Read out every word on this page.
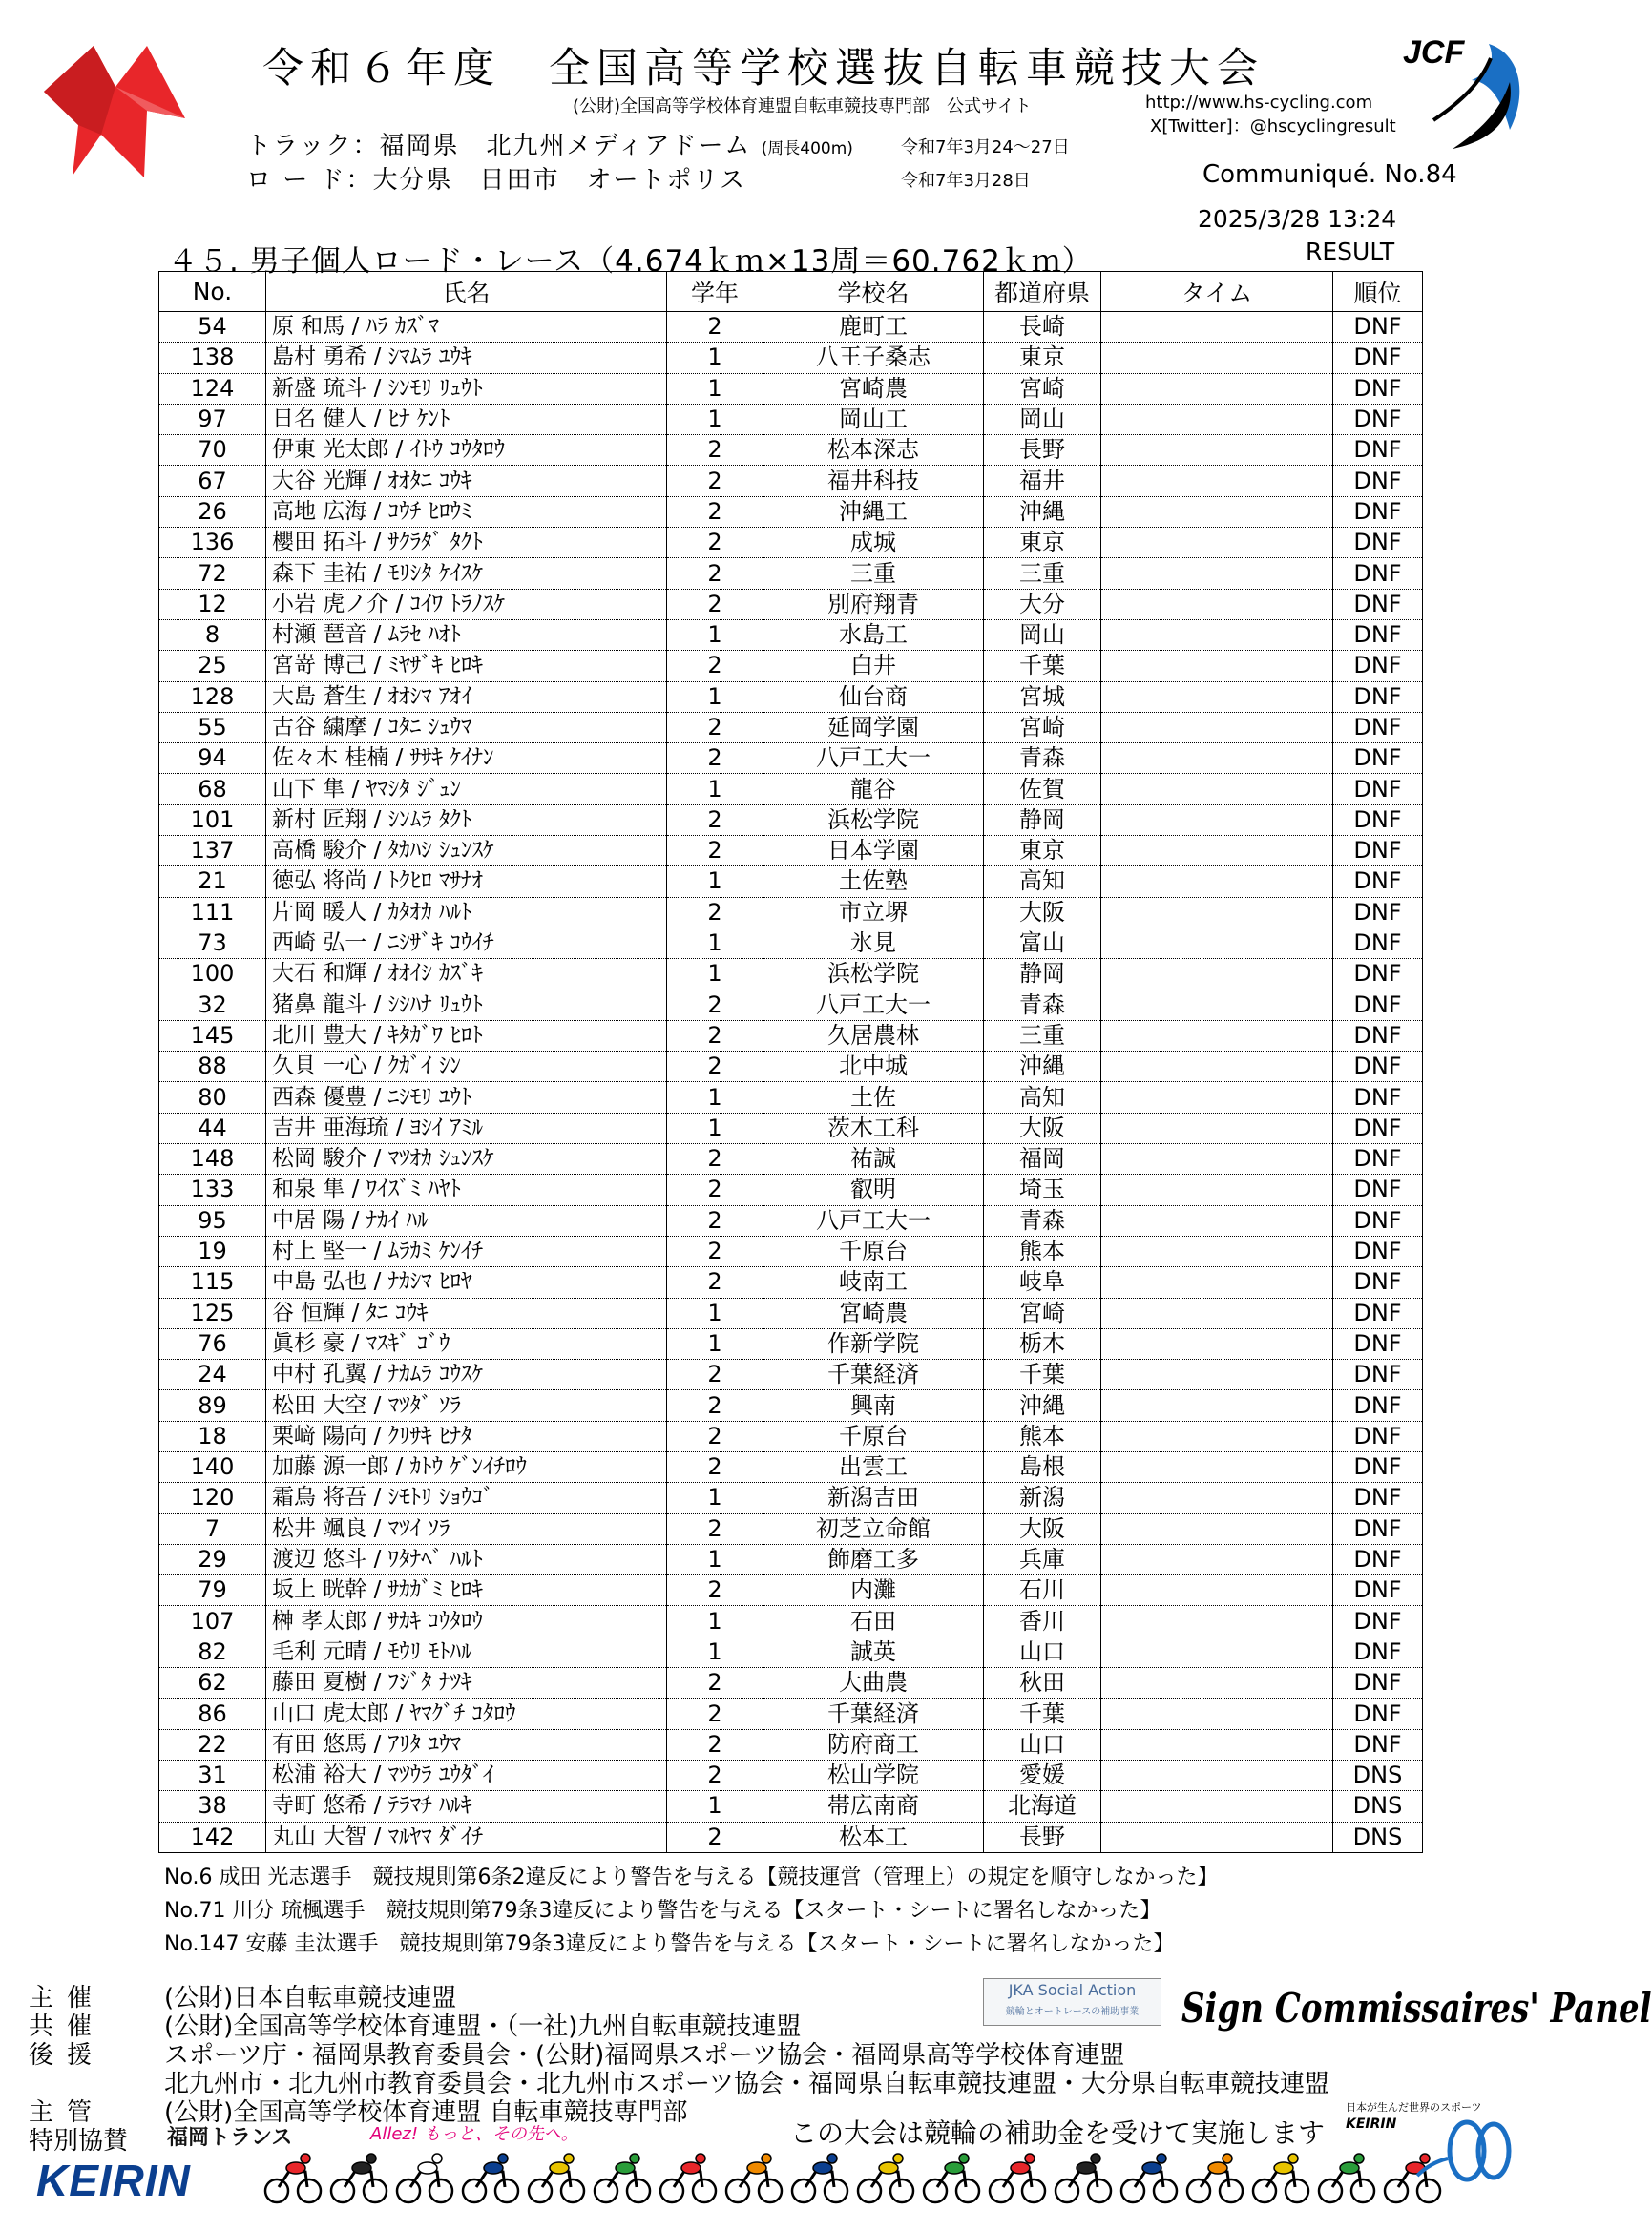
令和６年度　全国高等学校選抜自転車競技大会	JCF
(公財)全国高等学校体育連盟自転車競技専門部　公式サイト	http://www.hs-cycling.com
X[Twitter]：@hscyclingresult
トラック：福岡県　北九州メディアドーム (周長400m)	令和7年3月24〜27日
ロ ー ド：大分県　日田市　オートポリス	令和7年3月28日	Communiqué. No.84
2025/3/28 13:24
４５. 男子個人ロード・レース（4.674ｋｍ×13周＝60.762ｋｍ）	RESULT
No.	氏名	学年	学校名	都道府県	タイム	順位
54	原 和馬 / ﾊﾗ ｶｽﾞﾏ	2	鹿町工	長崎		DNF
138	島村 勇希 / ｼﾏﾑﾗ ﾕｳｷ	1	八王子桑志	東京		DNF
124	新盛 琉斗 / ｼﾝﾓﾘ ﾘｭｳﾄ	1	宮崎農	宮崎		DNF
97	日名 健人 / ﾋﾅ ｹﾝﾄ	1	岡山工	岡山		DNF
70	伊東 光太郎 / ｲﾄｳ ｺｳﾀﾛｳ	2	松本深志	長野		DNF
67	大谷 光輝 / ｵｵﾀﾆ ｺｳｷ	2	福井科技	福井		DNF
26	高地 広海 / ｺｳﾁ ﾋﾛｳﾐ	2	沖縄工	沖縄		DNF
136	櫻田 拓斗 / ｻｸﾗﾀﾞ ﾀｸﾄ	2	成城	東京		DNF
72	森下 圭祐 / ﾓﾘｼﾀ ｹｲｽｹ	2	三重	三重		DNF
12	小岩 虎ノ介 / ｺｲﾜ ﾄﾗﾉｽｹ	2	別府翔青	大分		DNF
8	村瀬 琶音 / ﾑﾗｾ ﾊｵﾄ	1	水島工	岡山		DNF
25	宮嵜 博己 / ﾐﾔｻﾞｷ ﾋﾛｷ	2	白井	千葉		DNF
128	大島 蒼生 / ｵｵｼﾏ ｱｵｲ	1	仙台商	宮城		DNF
55	古谷 繍摩 / ｺﾀﾆ ｼｭｳﾏ	2	延岡学園	宮崎		DNF
94	佐々木 桂楠 / ｻｻｷ ｹｲﾅﾝ	2	八戸工大一	青森		DNF
68	山下 隼 / ﾔﾏｼﾀ ｼﾞｭﾝ	1	龍谷	佐賀		DNF
101	新村 匠翔 / ｼﾝﾑﾗ ﾀｸﾄ	2	浜松学院	静岡		DNF
137	高橋 駿介 / ﾀｶﾊｼ ｼｭﾝｽｹ	2	日本学園	東京		DNF
21	徳弘 将尚 / ﾄｸﾋﾛ ﾏｻﾅｵ	1	土佐塾	高知		DNF
111	片岡 暖人 / ｶﾀｵｶ ﾊﾙﾄ	2	市立堺	大阪		DNF
73	西崎 弘一 / ﾆｼｻﾞｷ ｺｳｲﾁ	1	氷見	富山		DNF
100	大石 和輝 / ｵｵｲｼ ｶｽﾞｷ	1	浜松学院	静岡		DNF
32	猪鼻 龍斗 / ｼｼﾊﾅ ﾘｭｳﾄ	2	八戸工大一	青森		DNF
145	北川 豊大 / ｷﾀｶﾞﾜ ﾋﾛﾄ	2	久居農林	三重		DNF
88	久貝 一心 / ｸｶﾞｲ ｼﾝ	2	北中城	沖縄		DNF
80	西森 優豊 / ﾆｼﾓﾘ ﾕｳﾄ	1	土佐	高知		DNF
44	吉井 亜海琉 / ﾖｼｲ ｱﾐﾙ	1	茨木工科	大阪		DNF
148	松岡 駿介 / ﾏﾂｵｶ ｼｭﾝｽｹ	2	祐誠	福岡		DNF
133	和泉 隼 / ﾜｲｽﾞﾐ ﾊﾔﾄ	2	叡明	埼玉		DNF
95	中居 陽 / ﾅｶｲ ﾊﾙ	2	八戸工大一	青森		DNF
19	村上 堅一 / ﾑﾗｶﾐ ｹﾝｲﾁ	2	千原台	熊本		DNF
115	中島 弘也 / ﾅｶｼﾏ ﾋﾛﾔ	2	岐南工	岐阜		DNF
125	谷 恒輝 / ﾀﾆ ｺｳｷ	1	宮崎農	宮崎		DNF
76	眞杉 豪 / ﾏｽｷﾞ ｺﾞｳ	1	作新学院	栃木		DNF
24	中村 孔翼 / ﾅｶﾑﾗ ｺｳｽｹ	2	千葉経済	千葉		DNF
89	松田 大空 / ﾏﾂﾀﾞ ｿﾗ	2	興南	沖縄		DNF
18	栗﨑 陽向 / ｸﾘｻｷ ﾋﾅﾀ	2	千原台	熊本		DNF
140	加藤 源一郎 / ｶﾄｳ ｹﾞﾝｲﾁﾛｳ	2	出雲工	島根		DNF
120	霜鳥 将吾 / ｼﾓﾄﾘ ｼｮｳｺﾞ	1	新潟吉田	新潟		DNF
7	松井 颯良 / ﾏﾂｲ ｿﾗ	2	初芝立命館	大阪		DNF
29	渡辺 悠斗 / ﾜﾀﾅﾍﾞ ﾊﾙﾄ	1	飾磨工多	兵庫		DNF
79	坂上 晄幹 / ｻｶｶﾞﾐ ﾋﾛｷ	2	内灘	石川		DNF
107	榊 孝太郎 / ｻｶｷ ｺｳﾀﾛｳ	1	石田	香川		DNF
82	毛利 元晴 / ﾓｳﾘ ﾓﾄﾊﾙ	1	誠英	山口		DNF
62	藤田 夏樹 / ﾌｼﾞﾀ ﾅﾂｷ	2	大曲農	秋田		DNF
86	山口 虎太郎 / ﾔﾏｸﾞﾁ ｺﾀﾛｳ	2	千葉経済	千葉		DNF
22	有田 悠馬 / ｱﾘﾀ ﾕｳﾏ	2	防府商工	山口		DNF
31	松浦 裕大 / ﾏﾂｳﾗ ﾕｳﾀﾞｲ	2	松山学院	愛媛		DNS
38	寺町 悠希 / ﾃﾗﾏﾁ ﾊﾙｷ	1	帯広南商	北海道		DNS
142	丸山 大智 / ﾏﾙﾔﾏ ﾀﾞｲﾁ	2	松本工	長野		DNS
No.6 成田 光志選手　競技規則第6条2違反により警告を与える【競技運営（管理上）の規定を順守しなかった】
No.71 川分 琉楓選手　競技規則第79条3違反により警告を与える【スタート・シートに署名しなかった】
No.147 安藤 圭汰選手　競技規則第79条3違反により警告を与える【スタート・シートに署名しなかった】
主催 (公財)日本自転車競技連盟
共催 (公財)全国高等学校体育連盟・（一社)九州自転車競技連盟
後援 スポーツ庁・福岡県教育委員会・(公財)福岡県スポーツ協会・福岡県高等学校体育連盟
北九州市・北九州市教育委員会・北九州市スポーツ協会・福岡県自転車競技連盟・大分県自転車競技連盟
主管 (公財)全国高等学校体育連盟 自転車競技専門部
特別協賛
JKA Social Action
競輪とオートレースの補助事業	Sign Commissaires' Panel
福岡トランス	Allez! もっと、その先へ。	この大会は競輪の補助金を受けて実施します
日本が生んだ世界のスポーツ
KEIRIN
KEIRIN
